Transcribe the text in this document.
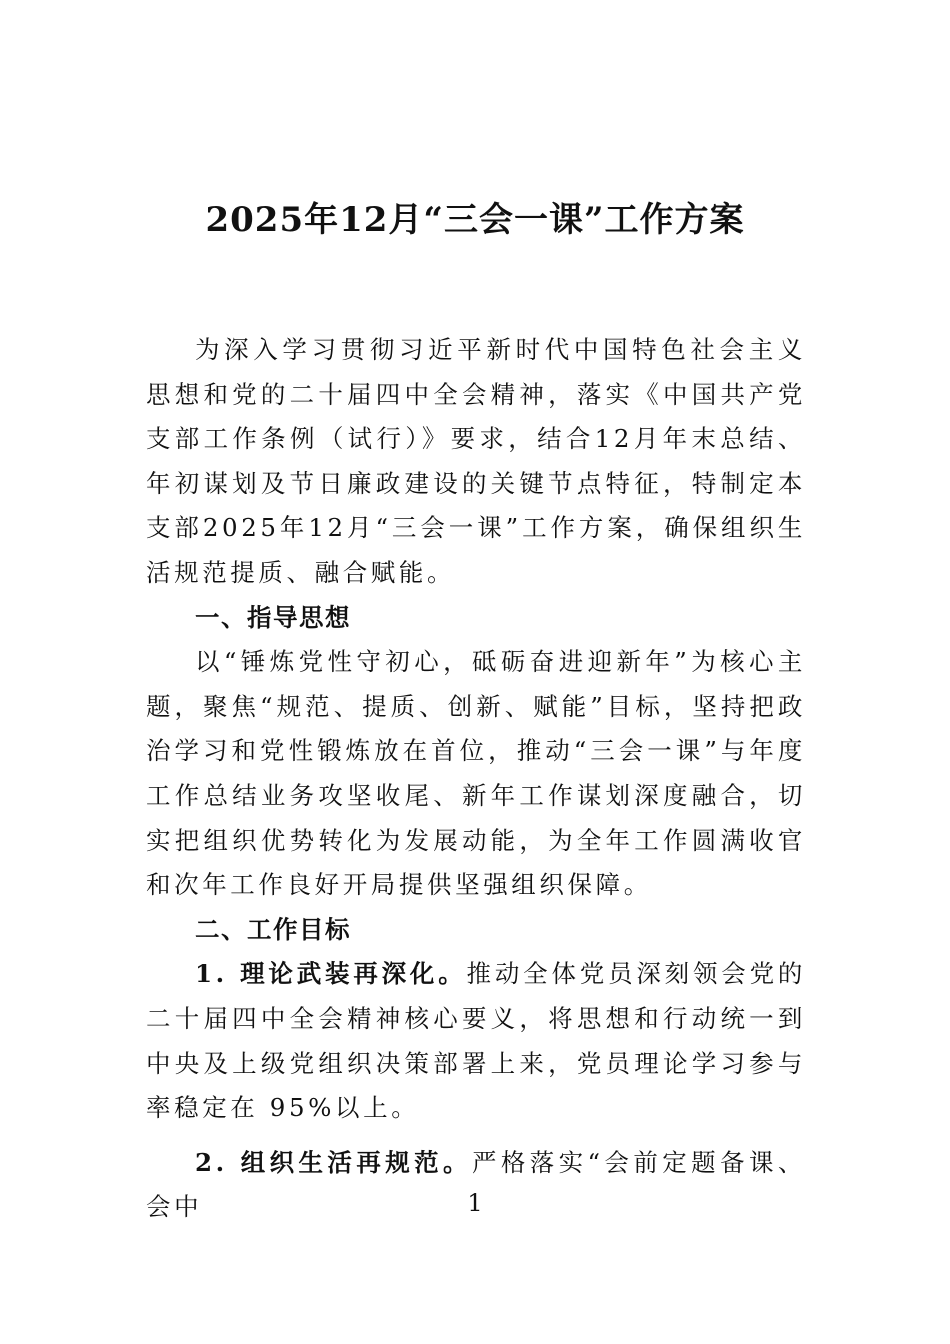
2025年12月“三会一课”工作方案

为深入学习贯彻习近平新时代中国特色社会主义思想和党的二十届四中全会精神，落实《中国共产党支部工作条例（试行）》要求，结合12月年末总结、年初谋划及节日廉政建设的关键节点特征，特制定本支部2025年12月“三会一课”工作方案，确保组织生活规范提质、融合赋能。

一、指导思想

以“锤炼党性守初心，砥砺奋进迎新年”为核心主题，聚焦“规范、提质、创新、赋能”目标，坚持把政治学习和党性锻炼放在首位，推动“三会一课”与年度工作总结业务攻坚收尾、新年工作谋划深度融合，切实把组织优势转化为发展动能，为全年工作圆满收官和次年工作良好开局提供坚强组织保障。

二、工作目标

1. 理论武装再深化。推动全体党员深刻领会党的二十届四中全会精神核心要义，将思想和行动统一到中央及上级党组织决策部署上来，党员理论学习参与率稳定在 95%以上。

2. 组织生活再规范。严格落实“会前定题备课、会中	1
